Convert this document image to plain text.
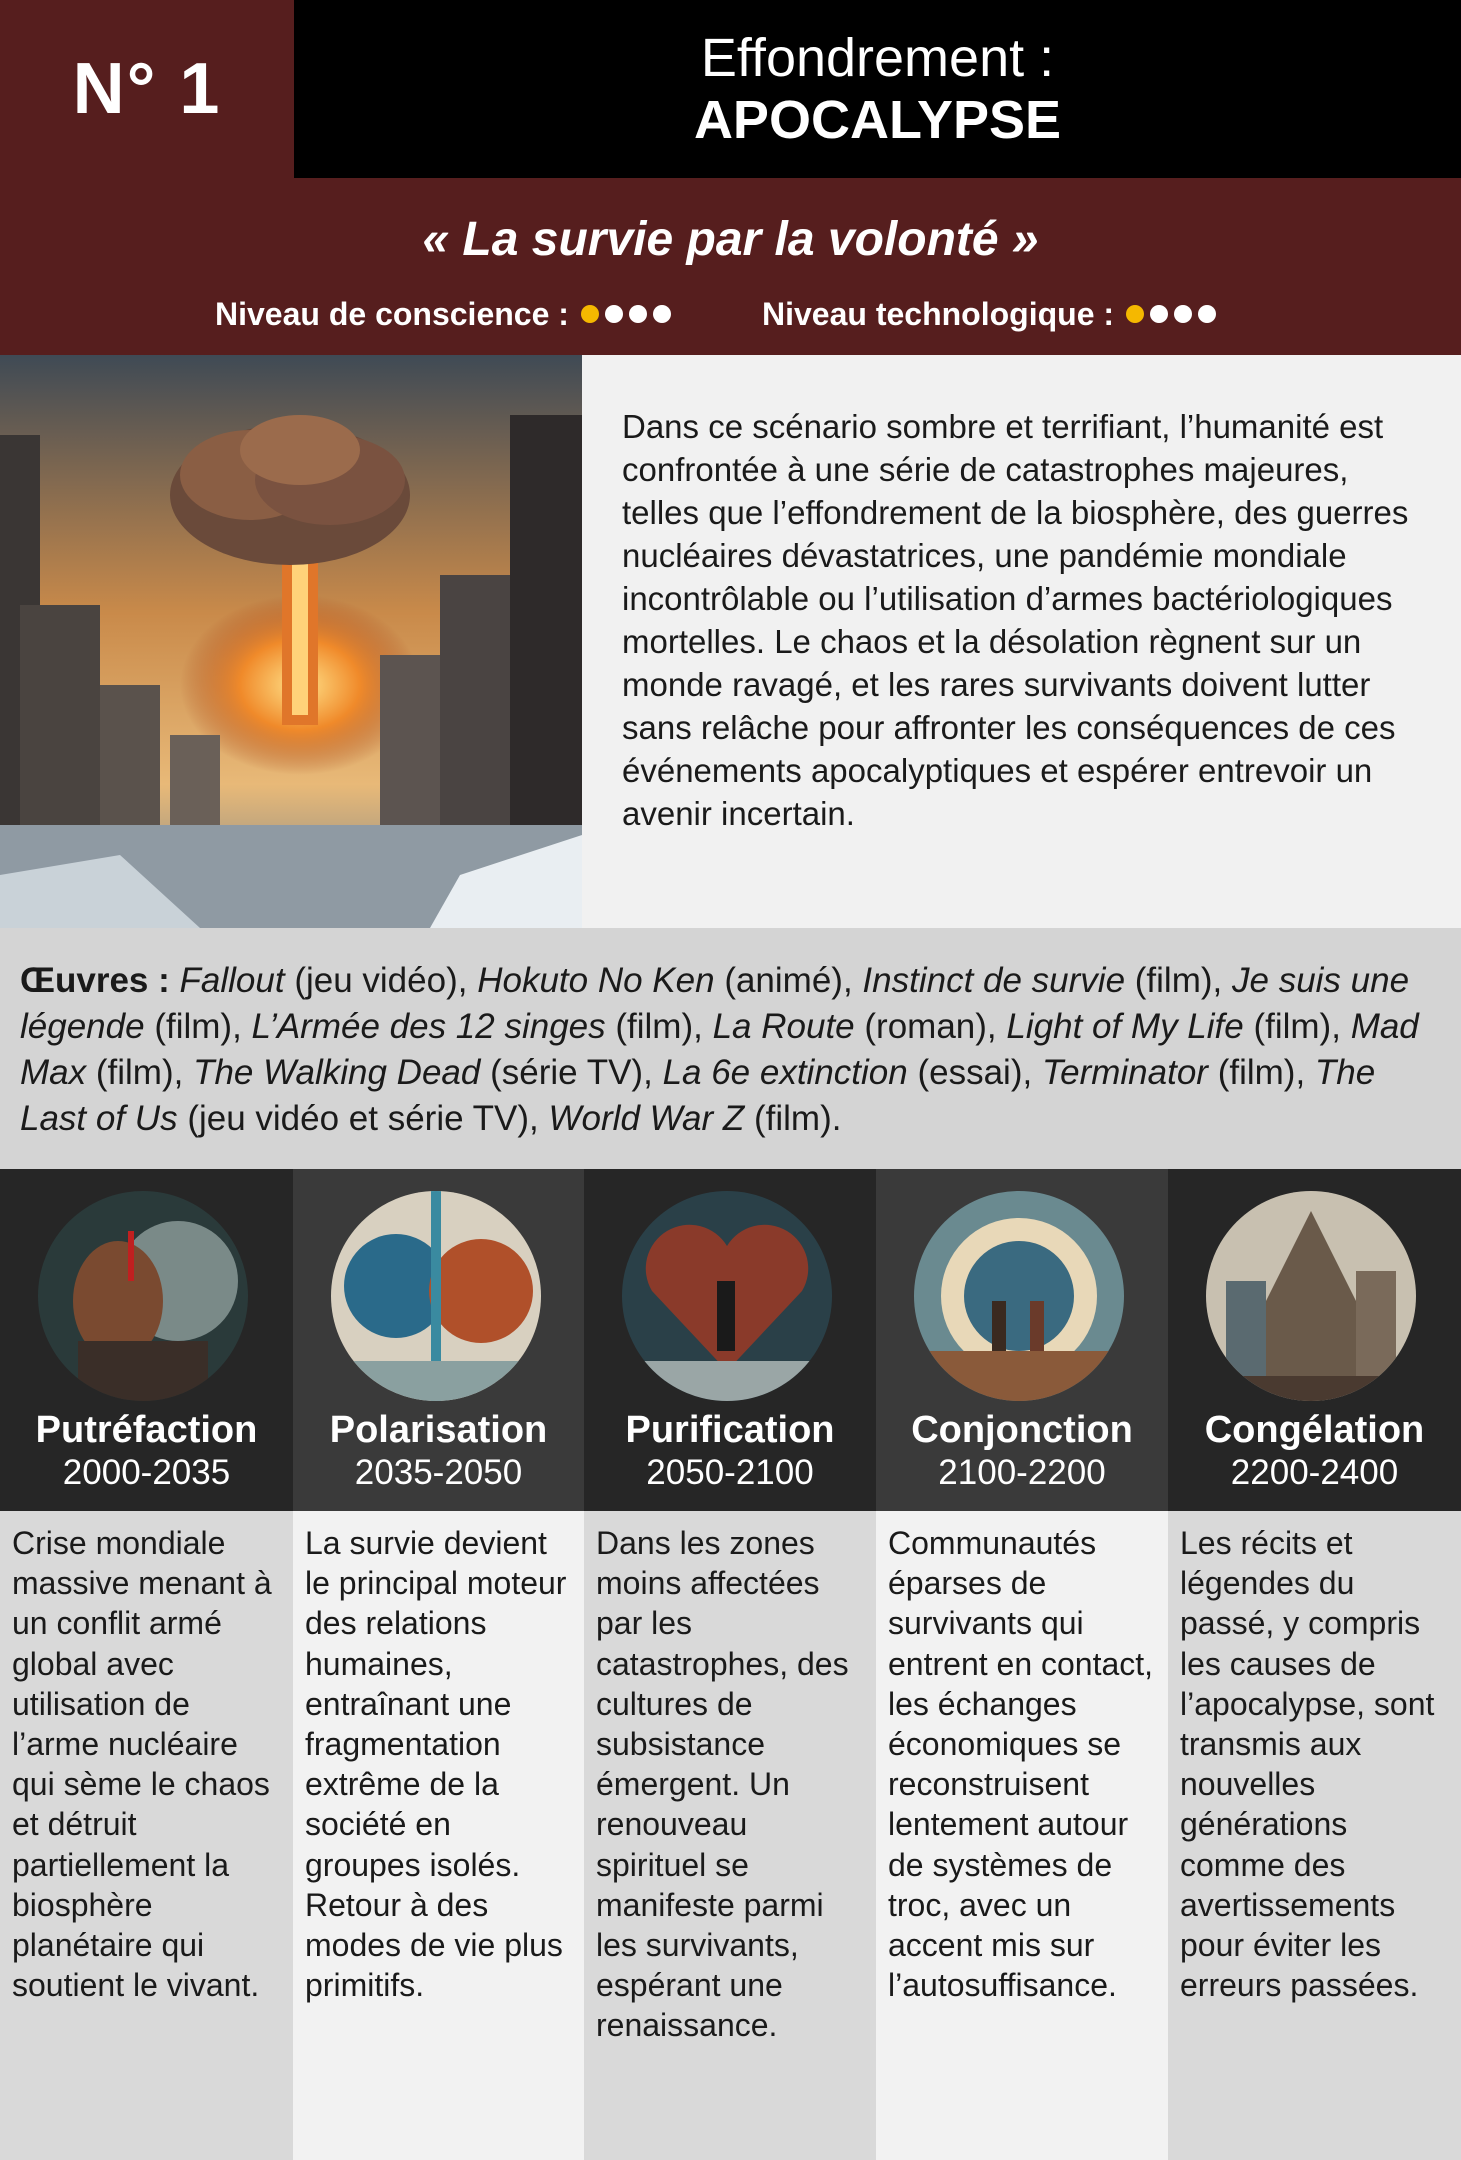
N° 1	Effondrement :
APOCALYPSE
« La survie par la volonté »
Niveau de conscience :	Niveau technologique :
Dans ce scénario sombre et terrifiant, l’humanité est confrontée à une série de catastrophes majeures, telles que l’effondrement de la biosphère, des guerres nucléaires dévastatrices, une pandémie mondiale incontrôlable ou l’utilisation d’armes bactériologiques mortelles. Le chaos et la désolation règnent sur un monde ravagé, et les rares survivants doivent lutter sans relâche pour affronter les conséquences de ces événements apocalyptiques et espérer entrevoir un avenir incertain.
Œuvres : Fallout (jeu vidéo), Hokuto No Ken (animé), Instinct de survie (film), Je suis une légende (film), L’Armée des 12 singes (film), La Route (roman), Light of My Life (film), Mad Max (film), The Walking Dead (série TV), La 6e extinction (essai), Terminator (film), The Last of Us (jeu vidéo et série TV), World War Z (film).
Putréfaction
2000-2035
Crise mondiale massive menant à un conflit armé global avec utilisation de l’arme nucléaire qui sème le chaos et détruit partiellement la biosphère planétaire qui soutient le vivant.
Polarisation
2035-2050
La survie devient le principal moteur des relations humaines, entraînant une fragmentation extrême de la société en groupes isolés. Retour à des modes de vie plus primitifs.
Purification
2050-2100
Dans les zones moins affectées par les catastrophes, des cultures de subsistance émergent. Un renouveau spirituel se manifeste parmi les survivants, espérant une renaissance.
Conjonction
2100-2200
Communautés éparses de survivants qui entrent en contact, les échanges économiques se reconstruisent lentement autour de systèmes de troc, avec un accent mis sur l’autosuffisance.
Congélation
2200-2400
Les récits et légendes du passé, y compris les causes de l’apocalypse, sont transmis aux nouvelles générations comme des avertissements pour éviter les erreurs passées.
